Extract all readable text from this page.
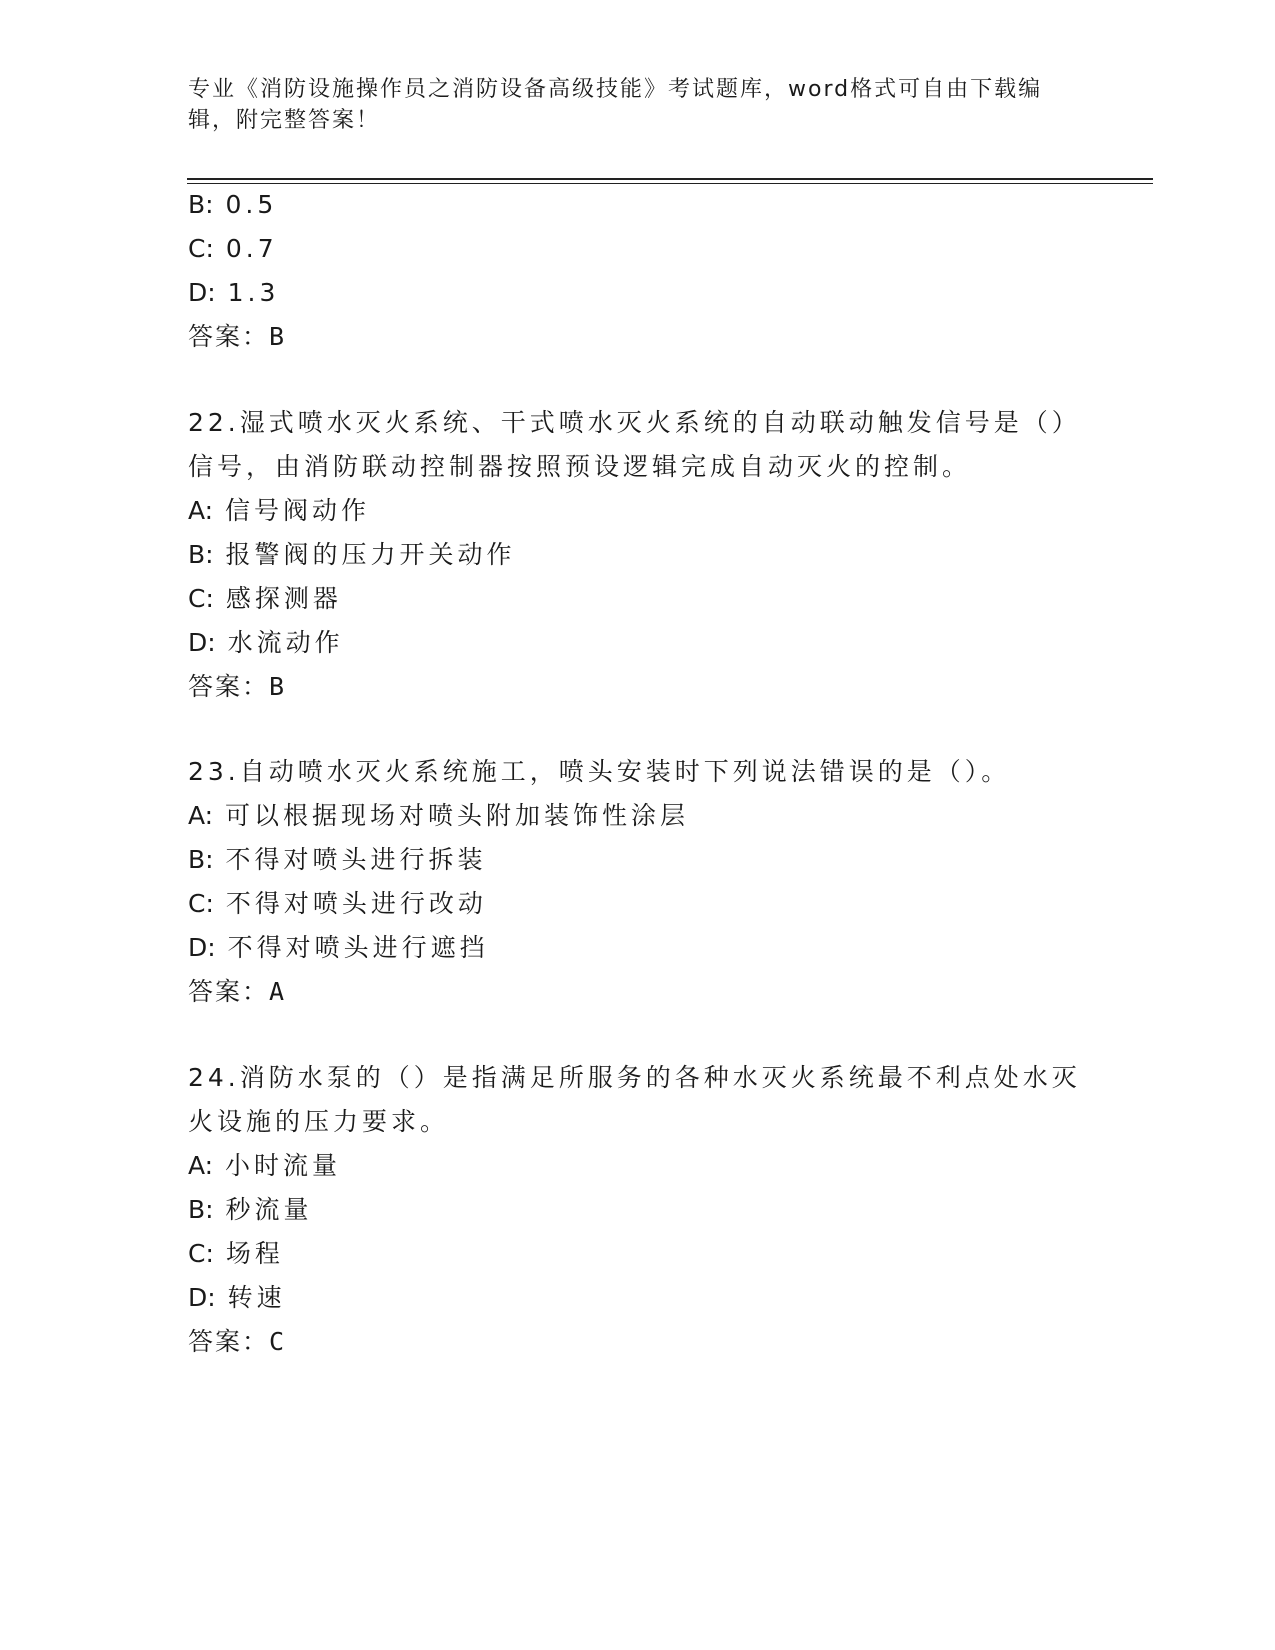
专业《消防设施操作员之消防设备高级技能》考试题库，word格式可自由下载编
辑，附完整答案！
B: 0.5
C: 0.7
D: 1.3
答案：B
22.湿式喷水灭火系统、干式喷水灭火系统的自动联动触发信号是（）
信号，由消防联动控制器按照预设逻辑完成自动灭火的控制。
A: 信号阀动作
B: 报警阀的压力开关动作
C: 感探测器
D: 水流动作
答案：B
23.自动喷水灭火系统施工，喷头安装时下列说法错误的是（）。
A: 可以根据现场对喷头附加装饰性涂层
B: 不得对喷头进行拆装
C: 不得对喷头进行改动
D: 不得对喷头进行遮挡
答案：A
24.消防水泵的（）是指满足所服务的各种水灭火系统最不利点处水灭
火设施的压力要求。
A: 小时流量
B: 秒流量
C: 场程
D: 转速
答案：C
